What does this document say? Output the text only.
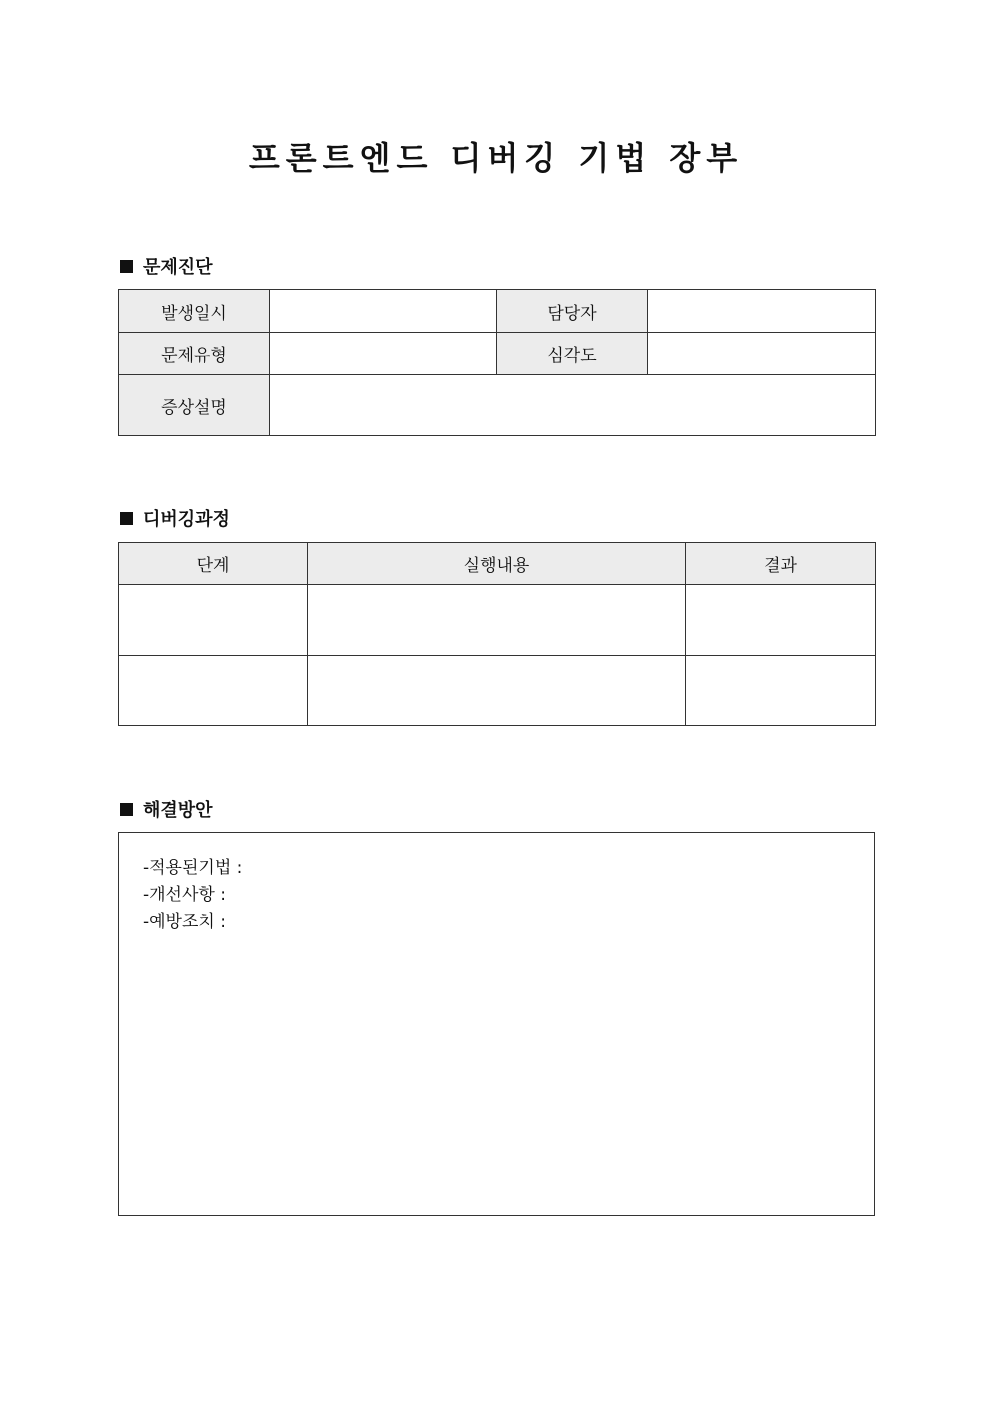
프론트엔드 디버깅 기법 장부
문제진단
발생일시		담당자	
문제유형		심각도	
증상설명			
디버깅과정
단계	실행내용	결과

해결방안
-적용된기법 :
-개선사항 :
-예방조치 :
